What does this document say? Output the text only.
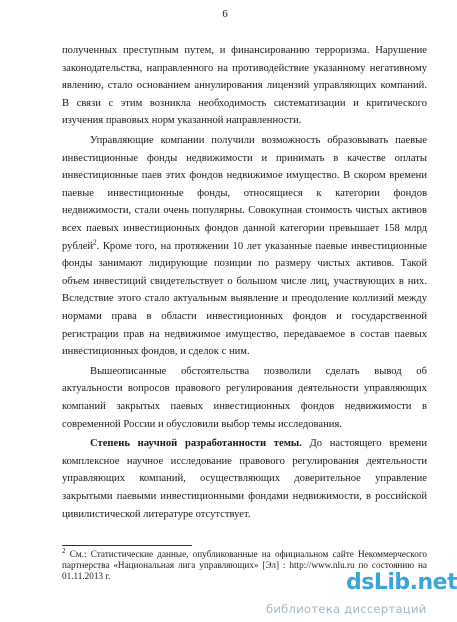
6
полученных преступным путем, и финансированию терроризма. Нарушение
законодательства, направленного на противодействие указанному негативному
явлению, стало основанием аннулирования лицензий управляющих компаний.
В связи с этим возникла необходимость систематизации и критического
изучения правовых норм указанной направленности.
Управляющие компании получили возможность образовывать паевые
инвестиционные фонды недвижимости и принимать в качестве оплаты
инвестиционные паев этих фондов недвижимое имущество. В скором времени
паевые инвестиционные фонды, относящиеся к категории фондов
недвижимости, стали очень популярны. Совокупная стоимость чистых активов
всех паевых инвестиционных фондов данной категории превышает 158 млрд
рублей$^2$. Кроме того, на протяжении 10 лет указанные паевые инвестиционные
фонды занимают лидирующие позиции по размеру чистых активов. Такой
объем инвестиций свидетельствует о большом числе лиц, участвующих в них.
Вследствие этого стало актуальным выявление и преодоление коллизий между
нормами права в области инвестиционных фондов и государственной
регистрации прав на недвижимое имущество, передаваемое в состав паевых
инвестиционных фондов, и сделок с ним.
Вышеописанные обстоятельства позволили сделать вывод об
актуальности вопросов правового регулирования деятельности управляющих
компаний закрытых паевых инвестиционных фондов недвижимости в
современной России и обусловили выбор темы исследования.
Степень научной разработанности темы. До настоящего времени
комплексное научное исследование правового регулирования деятельности
управляющих компаний, осуществляющих доверительное управление
закрытыми паевыми инвестиционными фондами недвижимости, в российской
цивилистической литературе отсутствует.
$^2$ См.: Статистические данные, опубликованные на официальном сайте Некоммерческого
партнерства «Национальная лига управляющих» [Эл] : http://www.nlu.ru по состоянию на
01.11.2013 г.	dsLib.net
библиотека диссертаций
